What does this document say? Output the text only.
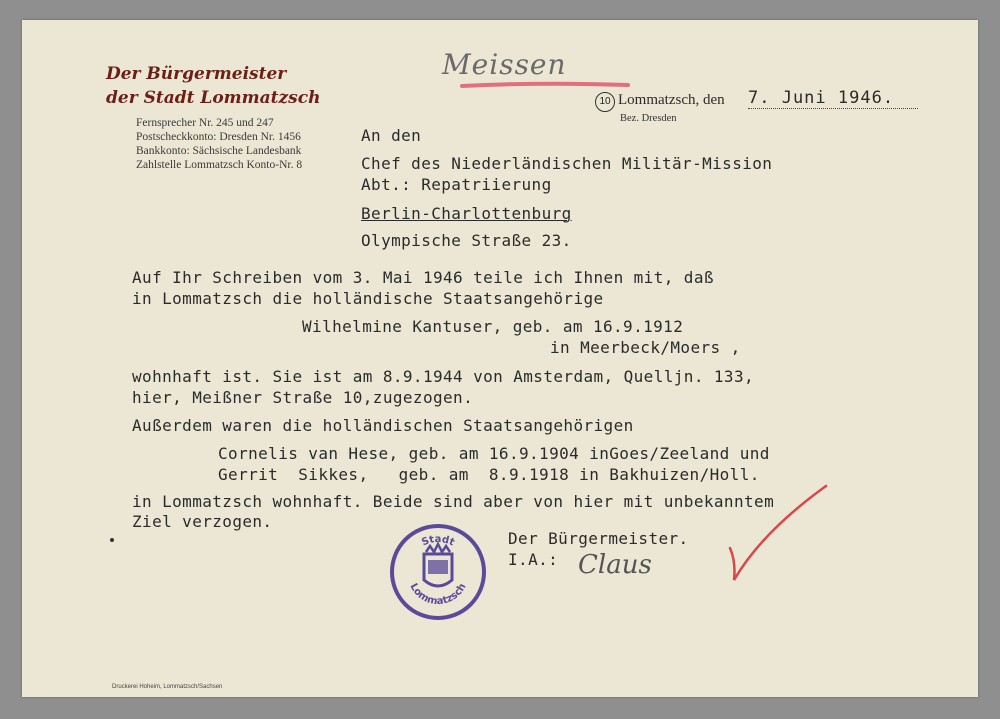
Der Bürgermeister
der Stadt Lommatzsch
Fernsprecher Nr. 245 und 247
Postscheckkonto: Dresden Nr. 1456
Bankkonto: Sächsische Landesbank
Zahlstelle Lommatzsch Konto-Nr. 8
Meissen
10 Lommatzsch, den 7. Juni 1946.
Bez. Dresden
An den
Chef des Niederländischen Militär-Mission
Abt.: Repatriierung
Berlin-Charlottenburg
Olympische Straße 23.
Auf Ihr Schreiben vom 3. Mai 1946 teile ich Ihnen mit, daß
in Lommatzsch die holländische Staatsangehörige
Wilhelmine Kantuser, geb. am 16.9.1912
in Meerbeck/Moers ,
wohnhaft ist. Sie ist am 8.9.1944 von Amsterdam, Quelljn. 133,
hier, Meißner Straße 10,zugezogen.
Außerdem waren die holländischen Staatsangehörigen
Cornelis van Hese, geb. am 16.9.1904 inGoes/Zeeland und
Gerrit  Sikkes,   geb. am  8.9.1918 in Bakhuizen/Holl.
in Lommatzsch wohnhaft. Beide sind aber von hier mit unbekanntem
Ziel verzogen.
Der Bürgermeister.
I.A.: Claus
Stadt
Lommatzsch
Druckerei Hoheim, Lommatzsch/Sachsen
